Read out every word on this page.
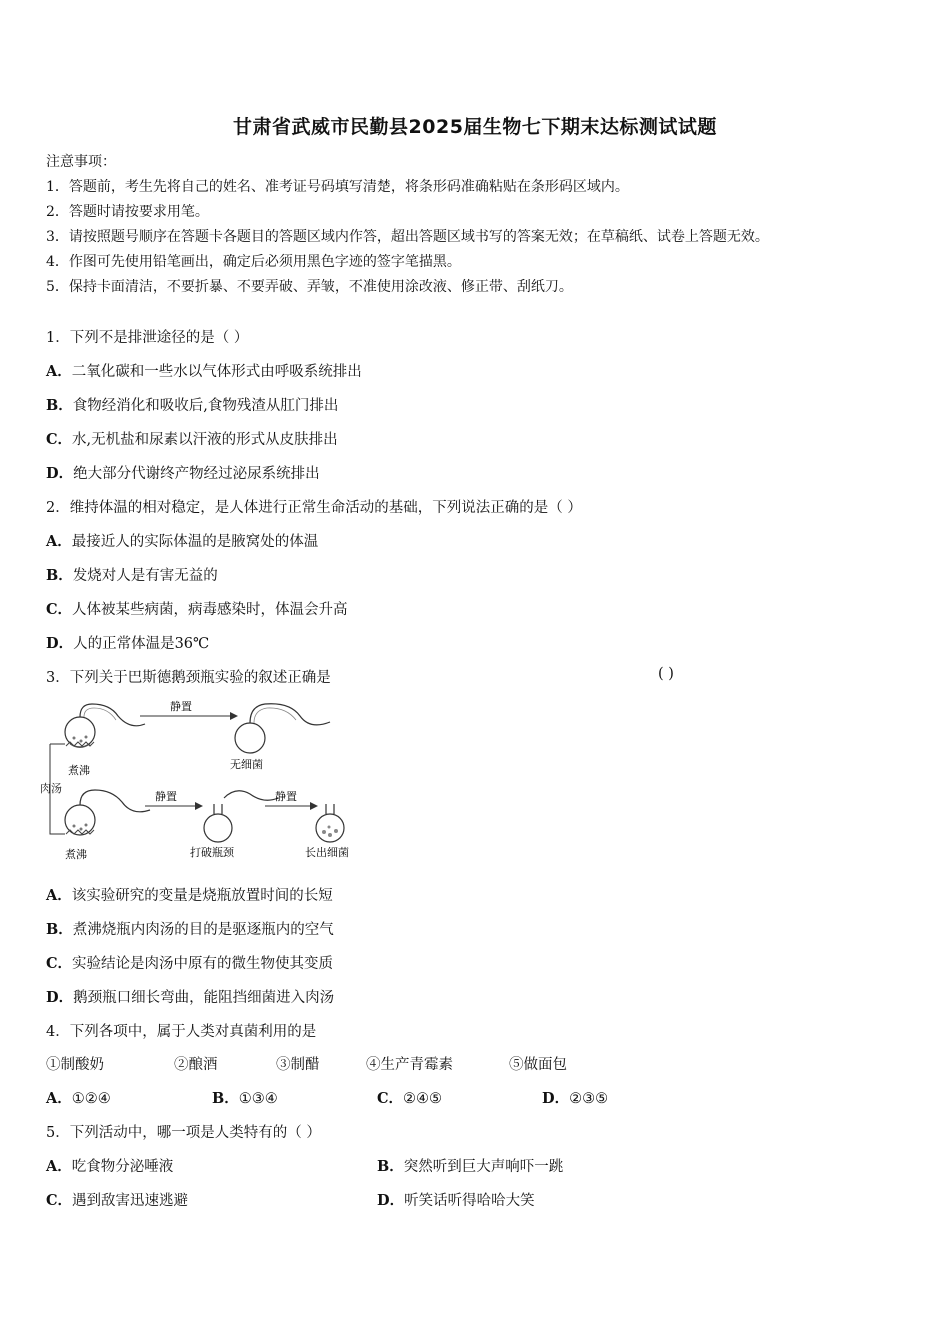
甘肃省武威市民勤县2025届生物七下期末达标测试试题
注意事项：
1．答题前，考生先将自己的姓名、准考证号码填写清楚，将条形码准确粘贴在条形码区域内。
2．答题时请按要求用笔。
3．请按照题号顺序在答题卡各题目的答题区域内作答，超出答题区域书写的答案无效；在草稿纸、试卷上答题无效。
4．作图可先使用铅笔画出，确定后必须用黑色字迹的签字笔描黑。
5．保持卡面清洁，不要折暴、不要弄破、弄皱，不准使用涂改液、修正带、刮纸刀。
1．下列不是排泄途径的是（ ）
A．二氧化碳和一些水以气体形式由呼吸系统排出
B．食物经消化和吸收后,食物残渣从肛门排出
C．水,无机盐和尿素以汗液的形式从皮肤排出
D．绝大部分代谢终产物经过泌尿系统排出
2．维持体温的相对稳定，是人体进行正常生命活动的基础，下列说法正确的是（ ）
A．最接近人的实际体温的是腋窝处的体温
B．发烧对人是有害无益的
C．人体被某些病菌，病毒感染时，体温会升高
D．人的正常体温是36℃
3．下列关于巴斯德鹅颈瓶实验的叙述正确是	( )
煮沸
静置
无细菌
肉汤
煮沸
静置
打破瓶颈
静置
长出细菌
A．该实验研究的变量是烧瓶放置时间的长短
B．煮沸烧瓶内肉汤的目的是驱逐瓶内的空气
C．实验结论是肉汤中原有的微生物使其变质
D．鹅颈瓶口细长弯曲，能阻挡细菌进入肉汤
4．下列各项中，属于人类对真菌利用的是
①制酸奶	②酿酒	③制醋	④生产青霉素	⑤做面包
A．①②④	B．①③④	C．②④⑤	D．②③⑤
5．下列活动中，哪一项是人类特有的（ ）
A．吃食物分泌唾液	B．突然听到巨大声响吓一跳
C．遇到敌害迅速逃避	D．听笑话听得哈哈大笑
